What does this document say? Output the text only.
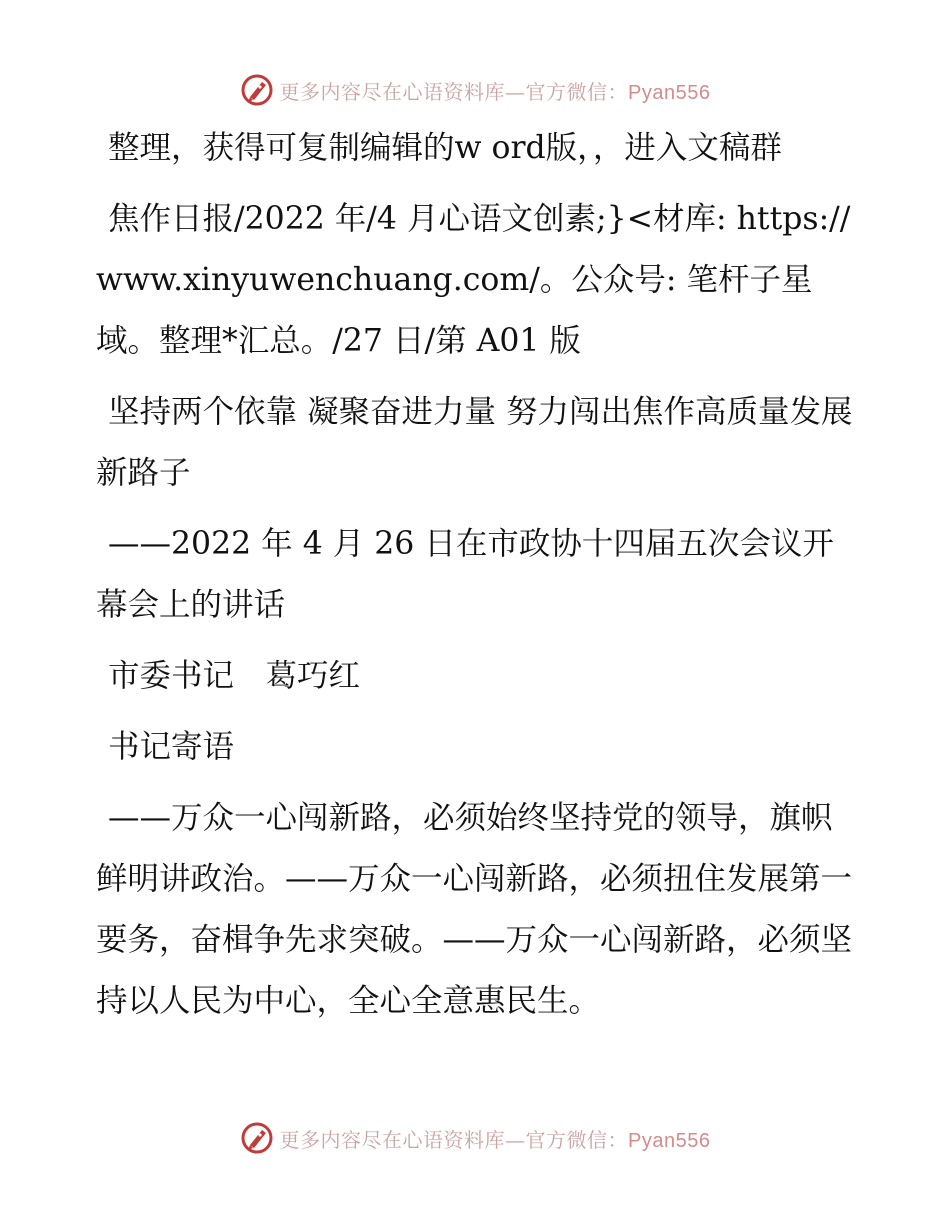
更多内容尽在心语资料库—官方微信：Pyan556

整理，获得可复制编辑的w ord版，，进入文稿群

焦作日报/2022 年/4 月心语文创素;}<材库: https://www.xinyuwenchuang.com/。公众号: 笔杆子星域。整理*汇总。/27 日/第 A01 版

坚持两个依靠 凝聚奋进力量 努力闯出焦作高质量发展新路子

——2022 年 4 月 26 日在市政协十四届五次会议开幕会上的讲话

市委书记　葛巧红

书记寄语

——万众一心闯新路，必须始终坚持党的领导，旗帜鲜明讲政治。——万众一心闯新路，必须扭住发展第一要务，奋楫争先求突破。——万众一心闯新路，必须坚持以人民为中心，全心全意惠民生。

更多内容尽在心语资料库—官方微信：Pyan556
